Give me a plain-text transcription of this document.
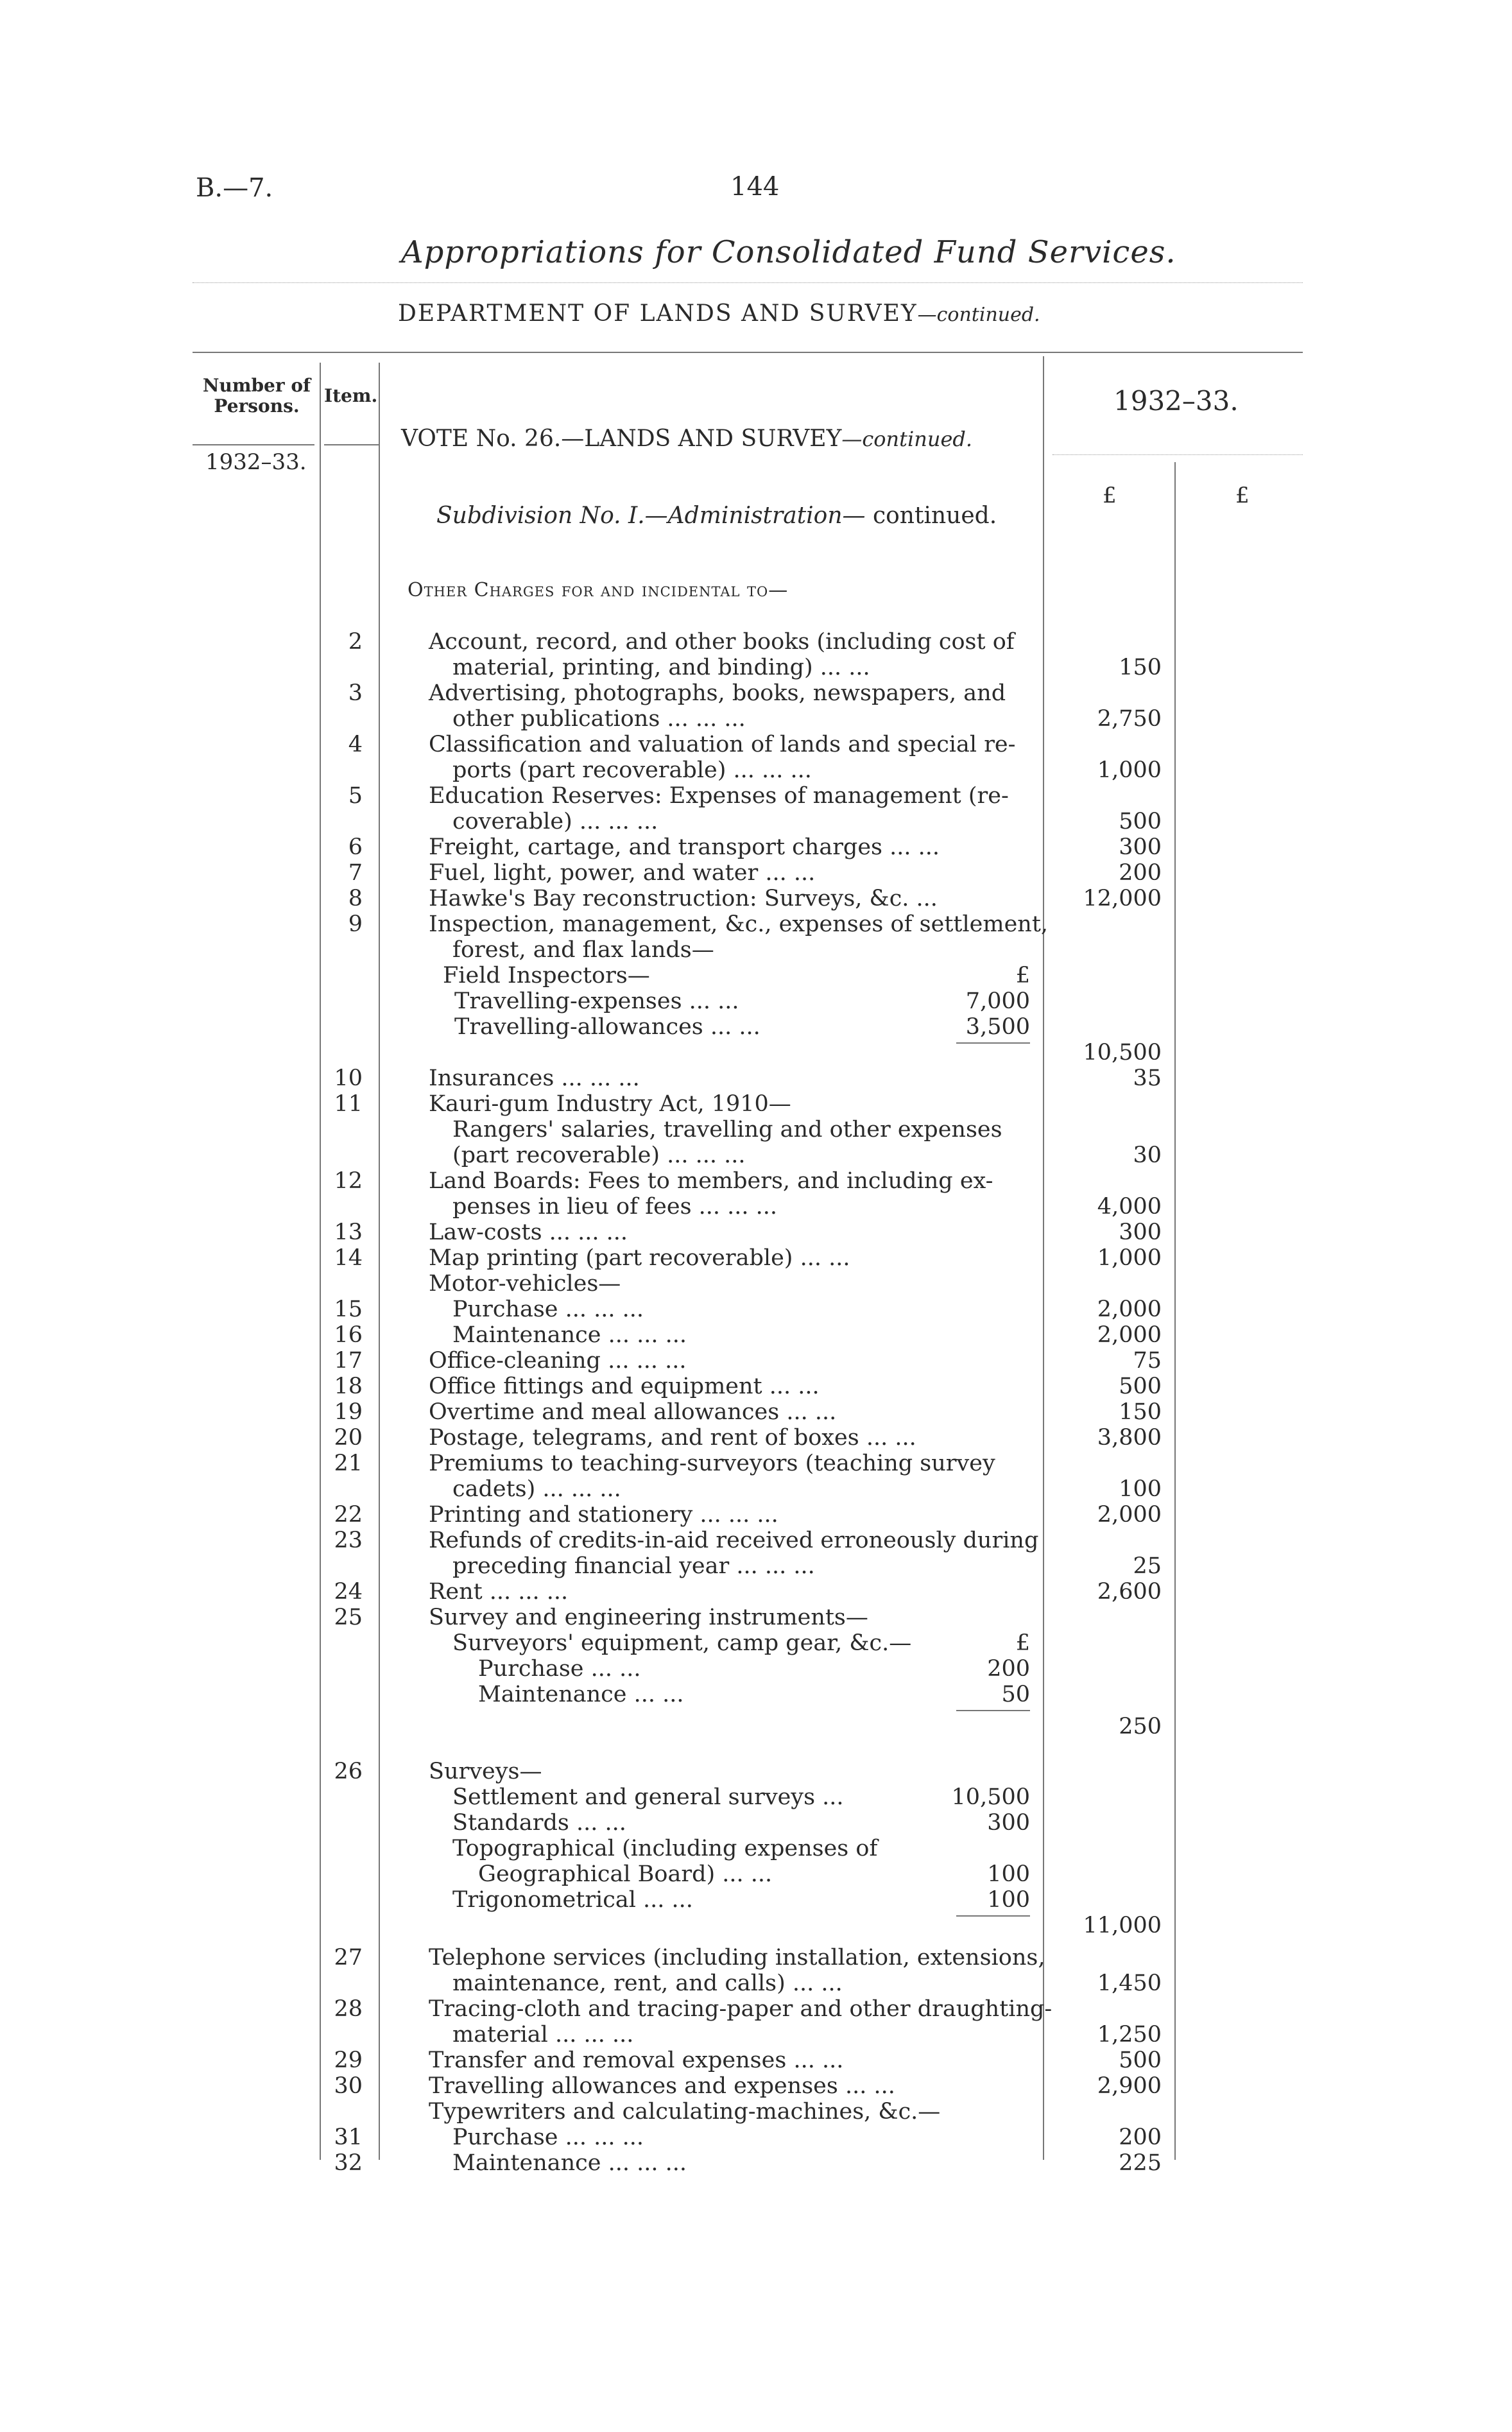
B.—7.	144
Appropriations for Consolidated Fund Services.
DEPARTMENT OF LANDS AND SURVEY—continued.
Number of Persons.	Item.	1932–33.
1932–33.
VOTE No. 26.—LANDS AND SURVEY—continued.
£	£
Subdivision No. I.—Administration— continued.
Other Charges for and incidental to—
2	Account, record, and other books (including cost of
material, printing, and binding) ... ...	150
3	Advertising, photographs, books, newspapers, and
other publications ... ... ...	2,750
4	Classification and valuation of lands and special re-
ports (part recoverable) ... ... ...	1,000
5	Education Reserves: Expenses of management (re-
coverable) ... ... ...	500
6	Freight, cartage, and transport charges ... ...	300
7	Fuel, light, power, and water ... ...	200
8	Hawke's Bay reconstruction: Surveys, &c. ...	12,000
9	Inspection, management, &c., expenses of settlement,
forest, and flax lands—
Field Inspectors—	£
Travelling-expenses ... ...	7,000
Travelling-allowances ... ...	3,500
10,500
10	Insurances ... ... ...	35
11	Kauri-gum Industry Act, 1910—
Rangers' salaries, travelling and other expenses
(part recoverable) ... ... ...	30
12	Land Boards: Fees to members, and including ex-
penses in lieu of fees ... ... ...	4,000
13	Law-costs ... ... ...	300
14	Map printing (part recoverable) ... ...	1,000
Motor-vehicles—
15	Purchase ... ... ...	2,000
16	Maintenance ... ... ...	2,000
17	Office-cleaning ... ... ...	75
18	Office fittings and equipment ... ...	500
19	Overtime and meal allowances ... ...	150
20	Postage, telegrams, and rent of boxes ... ...	3,800
21	Premiums to teaching-surveyors (teaching survey
cadets) ... ... ...	100
22	Printing and stationery ... ... ...	2,000
23	Refunds of credits-in-aid received erroneously during
preceding financial year ... ... ...	25
24	Rent ... ... ...	2,600
25	Survey and engineering instruments—
Surveyors' equipment, camp gear, &c.—	£
Purchase ... ...	200
Maintenance ... ...	50
250
26	Surveys—
Settlement and general surveys ...	10,500
Standards ... ...	300
Topographical (including expenses of
Geographical Board) ... ...	100
Trigonometrical ... ...	100
11,000
27	Telephone services (including installation, extensions,
maintenance, rent, and calls) ... ...	1,450
28	Tracing-cloth and tracing-paper and other draughting-
material ... ... ...	1,250
29	Transfer and removal expenses ... ...	500
30	Travelling allowances and expenses ... ...	2,900
Typewriters and calculating-machines, &c.—
31	Purchase ... ... ...	200
32	Maintenance ... ... ...	225
